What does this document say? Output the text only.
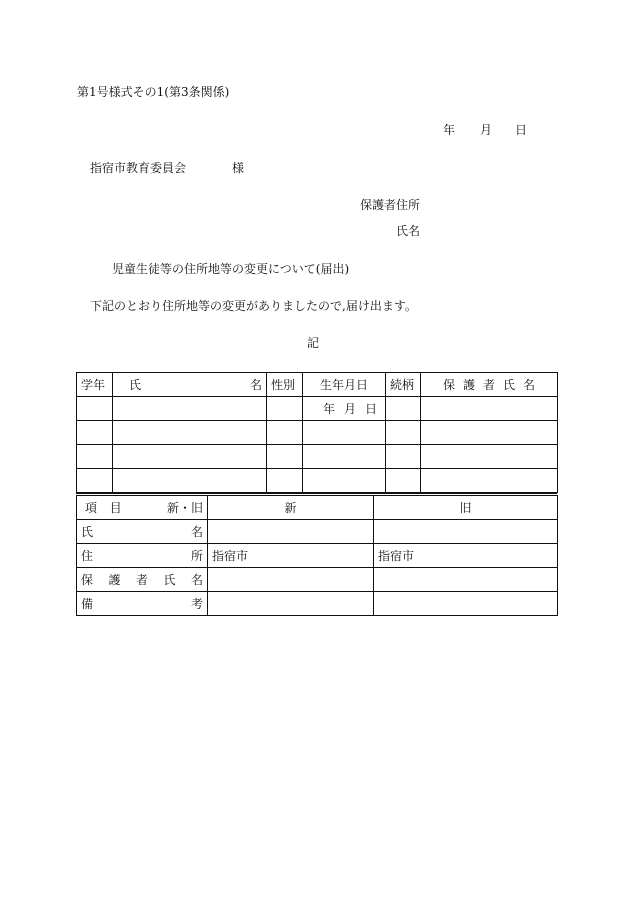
第1号様式その1(第3条関係)
年 月 日
指宿市教育委員会	様
保護者住所
氏名
児童生徒等の住所地等の変更について(届出)
下記のとおり住所地等の変更がありましたので,届け出ます。
記
学年	氏 名	性別	生年月日	続柄	保 護 者 氏 名

			年 月 日		

項 目 新・旧	新	旧

氏 名		

住 所	指宿市	指宿市

保 護 者 氏 名		

備 考		
